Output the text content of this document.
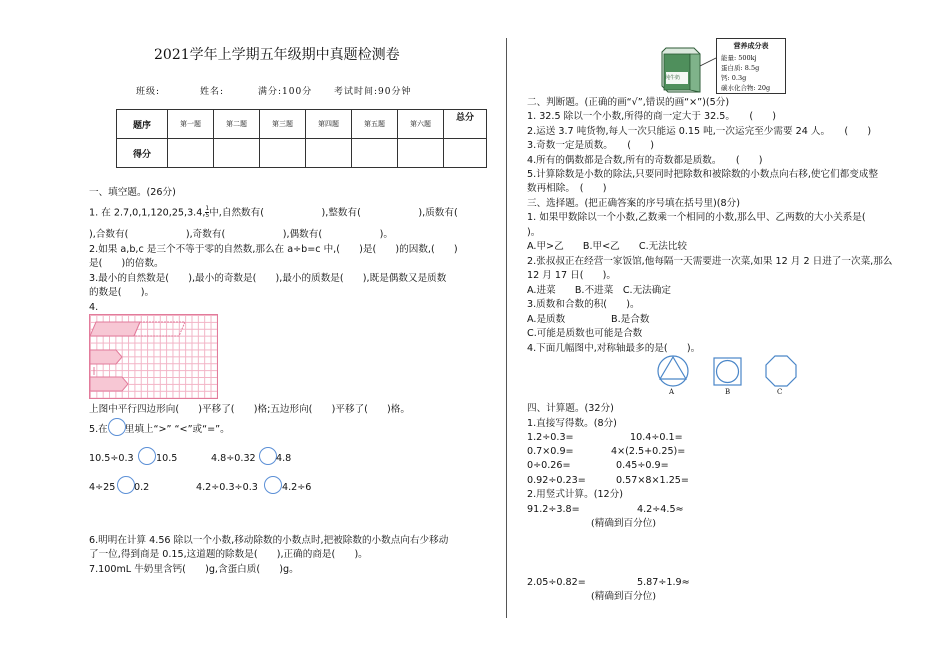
2021学年上学期五年级期中真题检测卷
班级:	姓名:	满分:100分 考试时间:90分钟
题序	第一题	第二题	第三题	第四题	第五题	第六题	总分
得分							
一、填空题。(26分)
1. 在 2.7,0,1,120,25,3.4, $\frac{1}{5}$ 中,自然数有(　　　　　　),整数有(　　　　　　),质数有(
),合数有(　　　　　　),奇数有(　　　　　　),偶数有(　　　　　　)。
2.如果 a,b,c 是三个不等于零的自然数,那么在 a÷b=c 中,(　　)是(　　)的因数,(　　)
是(　　)的倍数。
3.最小的自然数是(　　),最小的奇数是(　　),最小的质数是(　　),既是偶数又是质数
的数是(　　)。
4.
上图中平行四边形向(　　)平移了(　　)格;五边形向(　　)平移了(　　)格。
5.在 里填上“>” “<”或“=”。
10.5÷0.3 10.5	4.8÷0.32 4.8
4÷25 0.2	4.2÷0.3÷0.3	4.2÷6
6.明明在计算 4.56 除以一个小数,移动除数的小数点时,把被除数的小数点向右少移动
了一位,得到商是 0.15,这道题的除数是(　　),正确的商是(　　)。
7.100mL 牛奶里含钙(　　)g,含蛋白质(　　)g。
纯牛奶
营养成分表
能量: 500kj
蛋白质: 8.5g
钙: 0.3g
碳水化合物: 20g
二、判断题。(正确的画“√”,错误的画“×”)(5分)
1. 32.5 除以一个小数,所得的商一定大于 32.5。　　(　　)
2.运送 3.7 吨货物,每人一次只能运 0.15 吨,一次运完至少需要 24 人。　　(　　)
3.奇数一定是质数。　　(　　)
4.所有的偶数都是合数,所有的奇数都是质数。　　(　　)
5.计算除数是小数的除法,只要同时把除数和被除数的小数点向右移,使它们都变成整
数再相除。　(　　)
三、选择题。(把正确答案的序号填在括号里)(8分)
1. 如果甲数除以一个小数,乙数乘一个相同的小数,那么甲、乙两数的大小关系是(
)。
A.甲>乙　　B.甲<乙　　C.无法比较
2.张叔叔正在经营一家饭馆,他每隔一天需要进一次菜,如果 12 月 2 日进了一次菜,那么
12 月 17 日(　　)。
A.进菜　　B.不进菜　C.无法确定
3.质数和合数的积(　　)。
A.是质数	B.是合数
C.可能是质数也可能是合数
4.下面几幅图中,对称轴最多的是(　　)。
A	B	C
四、计算题。(32分)
1.直接写得数。(8分)
1.2÷0.3=	10.4÷0.1=
0.7×0.9=	4×(2.5+0.25)=
0÷0.26=	0.45÷0.9=
0.92÷0.23=	0.57×8×1.25=
2.用竖式计算。(12分)
91.2÷3.8=	4.2÷4.5≈
(精确到百分位)
2.05÷0.82=	5.87÷1.9≈
(精确到百分位)
